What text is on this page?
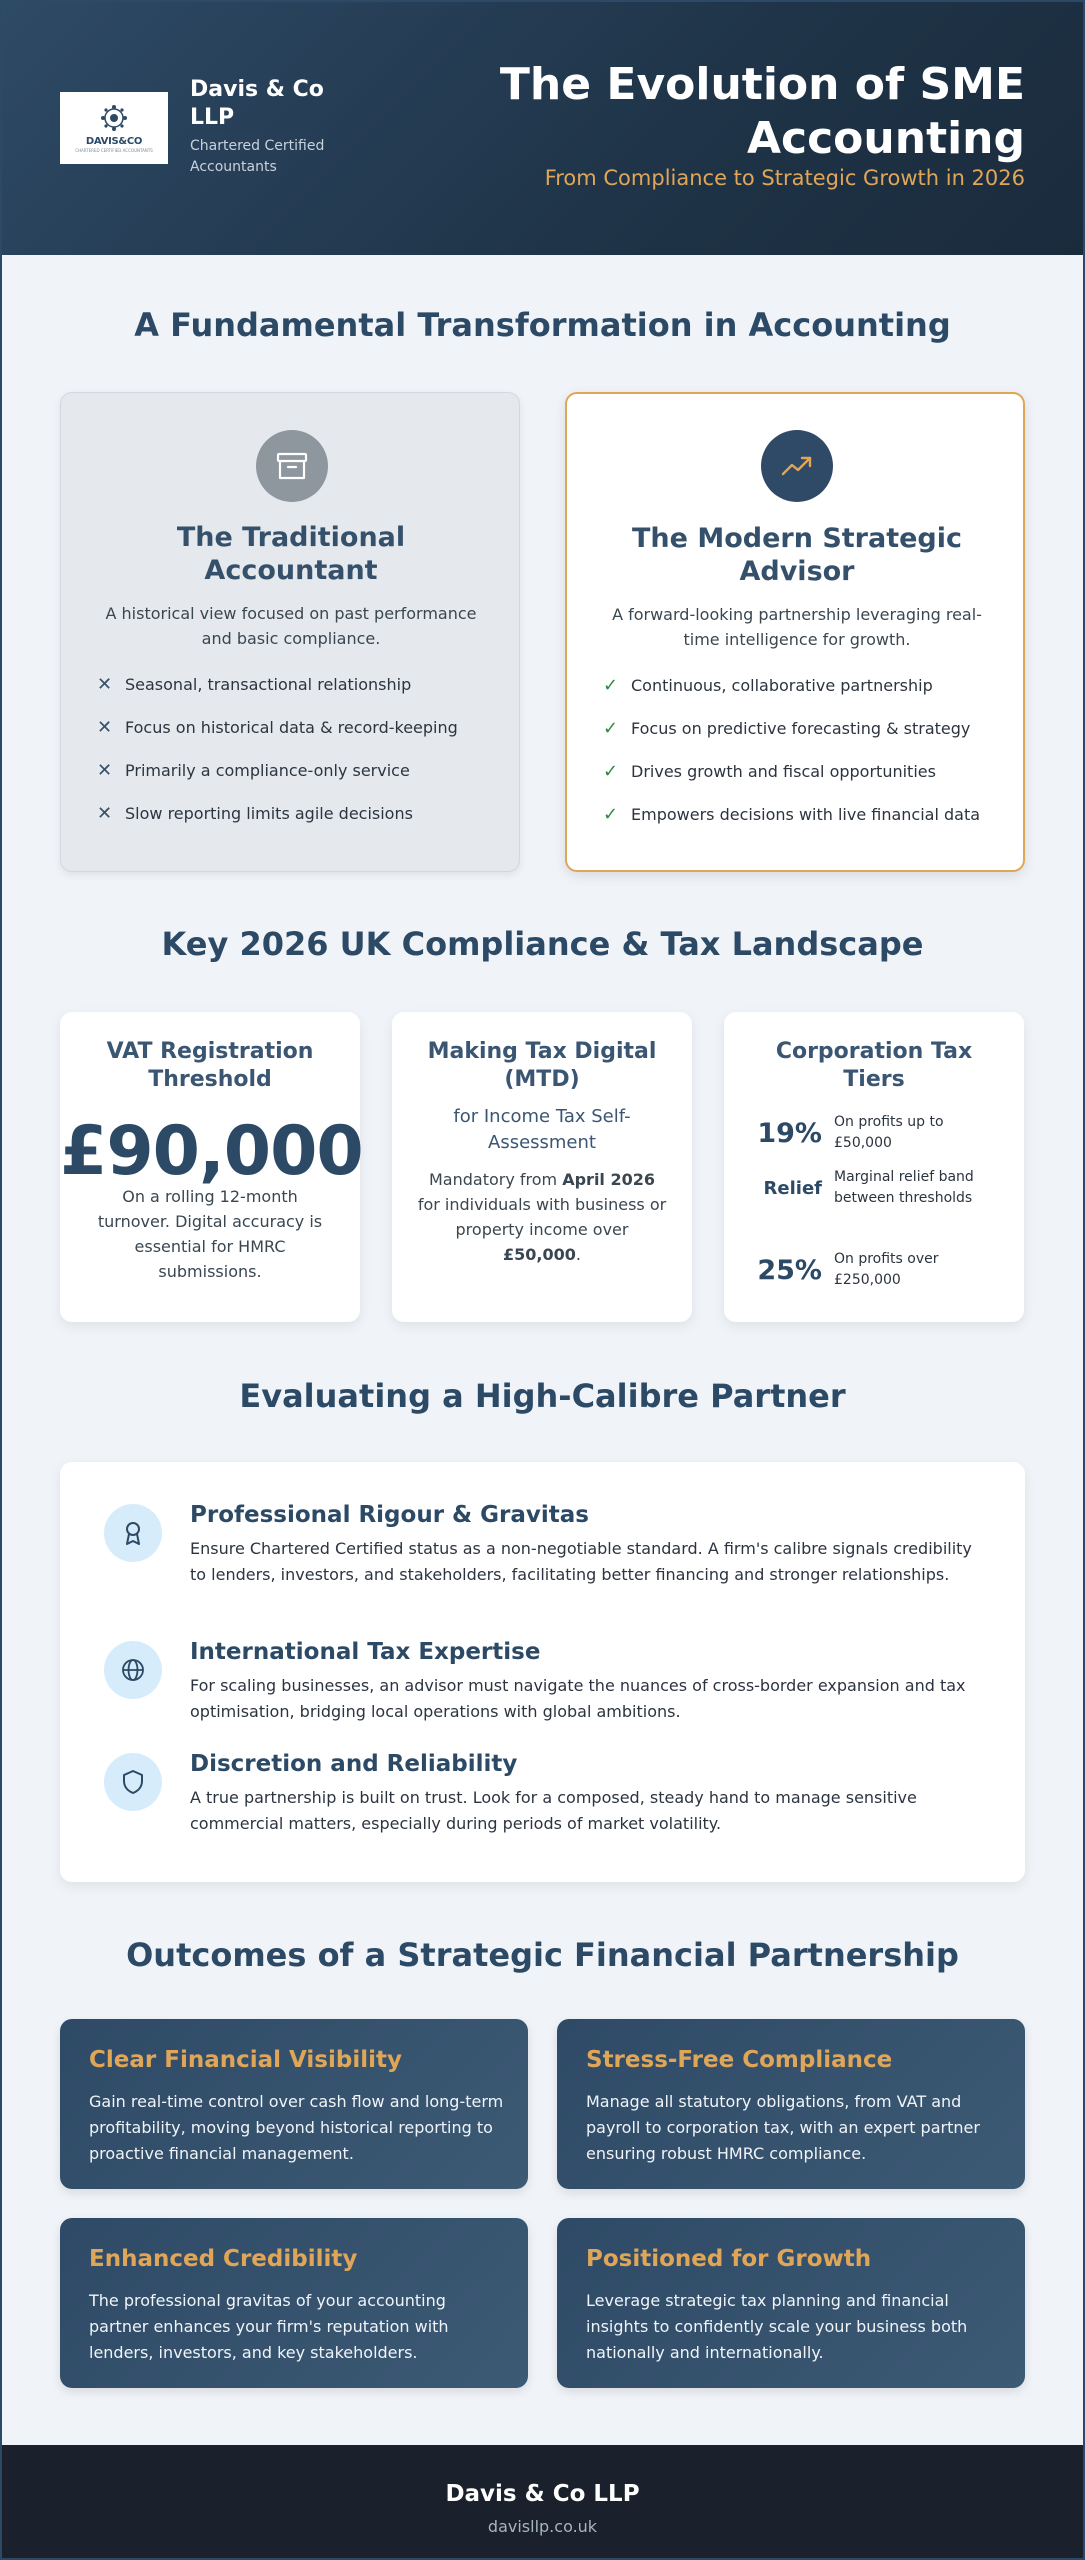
DAVIS&CO
CHARTERED CERTIFIED ACCOUNTANTS
Davis & Co LLP
Chartered Certified Accountants
The Evolution of SME Accounting
From Compliance to Strategic Growth in 2026
A Fundamental Transformation in Accounting
The Traditional Accountant
A historical view focused on past performance and basic compliance.
✕ Seasonal, transactional relationship
✕ Focus on historical data & record-keeping
✕ Primarily a compliance-only service
✕ Slow reporting limits agile decisions
The Modern Strategic Advisor
A forward-looking partnership leveraging real-time intelligence for growth.
✓ Continuous, collaborative partnership
✓ Focus on predictive forecasting & strategy
✓ Drives growth and fiscal opportunities
✓ Empowers decisions with live financial data
Key 2026 UK Compliance & Tax Landscape
VAT Registration Threshold
£90,000
On a rolling 12-month turnover. Digital accuracy is essential for HMRC submissions.
Making Tax Digital (MTD)
for Income Tax Self-Assessment
Mandatory from April 2026 for individuals with business or property income over £50,000.
Corporation Tax Tiers
19% On profits up to £50,000
Relief
Marginal relief band between thresholds
25% On profits over £250,000
Evaluating a High-Calibre Partner
Professional Rigour & Gravitas
Ensure Chartered Certified status as a non-negotiable standard. A firm's calibre signals credibility to lenders, investors, and stakeholders, facilitating better financing and stronger relationships.
International Tax Expertise
For scaling businesses, an advisor must navigate the nuances of cross-border expansion and tax optimisation, bridging local operations with global ambitions.
Discretion and Reliability
A true partnership is built on trust. Look for a composed, steady hand to manage sensitive commercial matters, especially during periods of market volatility.
Outcomes of a Strategic Financial Partnership
Clear Financial Visibility
Gain real-time control over cash flow and long-term profitability, moving beyond historical reporting to proactive financial management.
Stress-Free Compliance
Manage all statutory obligations, from VAT and payroll to corporation tax, with an expert partner ensuring robust HMRC compliance.
Enhanced Credibility
The professional gravitas of your accounting partner enhances your firm's reputation with lenders, investors, and key stakeholders.
Positioned for Growth
Leverage strategic tax planning and financial insights to confidently scale your business both nationally and internationally.
Davis & Co LLP
davisllp.co.uk
